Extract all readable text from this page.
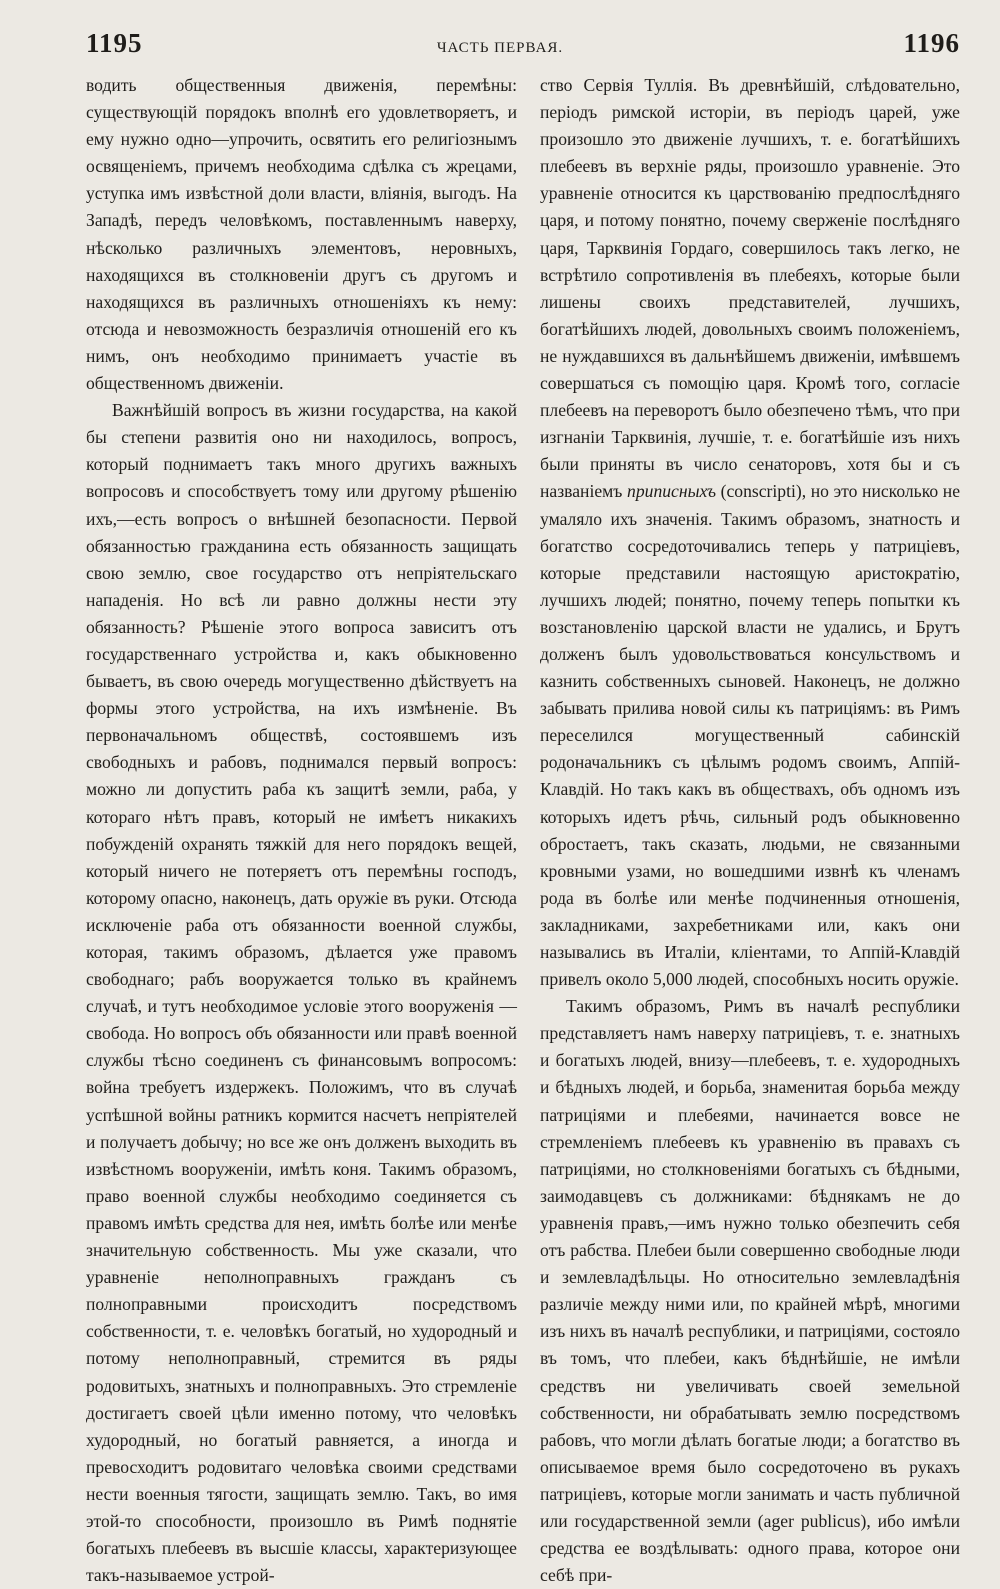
1195	ЧАСТЬ ПЕРВАЯ.	1196

водить общественныя движенія, перемѣны: существующій порядокъ вполнѣ его удовлетворяетъ, и ему нужно одно—упрочить, освятить его религіознымъ освященіемъ, причемъ необходима сдѣлка съ жрецами, уступка имъ извѣстной доли власти, вліянія, выгодъ. На Западѣ, передъ человѣкомъ, поставленнымъ наверху, нѣсколько различныхъ элементовъ, неровныхъ, находящихся въ столкновеніи другъ съ другомъ и находящихся въ различныхъ отношеніяхъ къ нему: отсюда и невозможность безразличія отношеній его къ нимъ, онъ необходимо принимаетъ участіе въ общественномъ движеніи.

Важнѣйшій вопросъ въ жизни государства, на какой бы степени развитія оно ни находилось, вопросъ, который поднимаетъ такъ много другихъ важныхъ вопросовъ и способствуетъ тому или другому рѣшенію ихъ,—есть вопросъ о внѣшней безопасности. Первой обязанностью гражданина есть обязанность защищать свою землю, свое государство отъ непріятельскаго нападенія. Но всѣ ли равно должны нести эту обязанность? Рѣшеніе этого вопроса зависитъ отъ государственнаго устройства и, какъ обыкновенно бываетъ, въ свою очередь могущественно дѣйствуетъ на формы этого устройства, на ихъ измѣненіе. Въ первоначальномъ обществѣ, состоявшемъ изъ свободныхъ и рабовъ, поднимался первый вопросъ: можно ли допустить раба къ защитѣ земли, раба, у котораго нѣтъ правъ, который не имѣетъ никакихъ побужденій охранять тяжкій для него порядокъ вещей, который ничего не потеряетъ отъ перемѣны господъ, которому опасно, наконецъ, дать оружіе въ руки. Отсюда исключеніе раба отъ обязанности военной службы, которая, такимъ образомъ, дѣлается уже правомъ свободнаго; рабъ вооружается только въ крайнемъ случаѣ, и тутъ необходимое условіе этого вооруженія — свобода. Но вопросъ объ обязанности или правѣ военной службы тѣсно соединенъ съ финансовымъ вопросомъ: война требуетъ издержекъ. Положимъ, что въ случаѣ успѣшной войны ратникъ кормится насчетъ непріятелей и получаетъ добычу; но все же онъ долженъ выходить въ извѣстномъ вооруженіи, имѣть коня. Такимъ образомъ, право военной службы необходимо соединяется съ правомъ имѣть средства для нея, имѣть болѣе или менѣе значительную собственность. Мы уже сказали, что уравненіе неполноправныхъ гражданъ съ полноправными происходитъ посредствомъ собственности, т. е. человѣкъ богатый, но худородный и потому неполноправный, стремится въ ряды родовитыхъ, знатныхъ и полноправныхъ. Это стремленіе достигаетъ своей цѣли именно потому, что человѣкъ худородный, но богатый равняется, а иногда и превосходитъ родовитаго человѣка своими средствами нести военныя тягости, защищать землю. Такъ, во имя этой-то способности, произошло въ Римѣ поднятіе богатыхъ плебеевъ въ высшіе классы, характеризующее такъ-называемое устрой-

ство Сервія Туллія. Въ древнѣйшій, слѣдовательно, періодъ римской исторіи, въ періодъ царей, уже произошло это движеніе лучшихъ, т. е. богатѣйшихъ плебеевъ въ верхніе ряды, произошло уравненіе. Это уравненіе относится къ царствованію предпослѣдняго царя, и потому понятно, почему сверженіе послѣдняго царя, Тарквинія Гордаго, совершилось такъ легко, не встрѣтило сопротивленія въ плебеяхъ, которые были лишены своихъ представителей, лучшихъ, богатѣйшихъ людей, довольныхъ своимъ положеніемъ, не нуждавшихся въ дальнѣйшемъ движеніи, имѣвшемъ совершаться съ помощію царя. Кромѣ того, согласіе плебеевъ на переворотъ было обезпечено тѣмъ, что при изгнаніи Тарквинія, лучшіе, т. е. богатѣйшіе изъ нихъ были приняты въ число сенаторовъ, хотя бы и съ названіемъ приписныхъ (conscripti), но это нисколько не умаляло ихъ значенія. Такимъ образомъ, знатность и богатство сосредоточивались теперь у патриціевъ, которые представили настоящую аристократію, лучшихъ людей; понятно, почему теперь попытки къ возстановленію царской власти не удались, и Брутъ долженъ былъ удовольствоваться консульствомъ и казнить собственныхъ сыновей. Наконецъ, не должно забывать прилива новой силы къ патриціямъ: въ Римъ переселился могущественный сабинскій родоначальникъ съ цѣлымъ родомъ своимъ, Аппій-Клавдій. Но такъ какъ въ обществахъ, объ одномъ изъ которыхъ идетъ рѣчь, сильный родъ обыкновенно обростаетъ, такъ сказать, людьми, не связанными кровными узами, но вошедшими извнѣ къ членамъ рода въ болѣе или менѣе подчиненныя отношенія, закладниками, захребетниками или, какъ они назывались въ Италіи, кліентами, то Аппій-Клавдій привелъ около 5,000 людей, способныхъ носить оружіе.

Такимъ образомъ, Римъ въ началѣ республики представляетъ намъ наверху патриціевъ, т. е. знатныхъ и богатыхъ людей, внизу—плебеевъ, т. е. худородныхъ и бѣдныхъ людей, и борьба, знаменитая борьба между патриціями и плебеями, начинается вовсе не стремленіемъ плебеевъ къ уравненію въ правахъ съ патриціями, но столкновеніями богатыхъ съ бѣдными, заимодавцевъ съ должниками: бѣднякамъ не до уравненія правъ,—имъ нужно только обезпечить себя отъ рабства. Плебеи были совершенно свободные люди и землевладѣльцы. Но относительно землевладѣнія различіе между ними или, по крайней мѣрѣ, многими изъ нихъ въ началѣ республики, и патриціями, состояло въ томъ, что плебеи, какъ бѣднѣйшіе, не имѣли средствъ ни увеличивать своей земельной собственности, ни обрабатывать землю посредствомъ рабовъ, что могли дѣлать богатые люди; а богатство въ описываемое время было сосредоточено въ рукахъ патриціевъ, которые могли занимать и часть публичной или государственной земли (ager publicus), ибо имѣли средства ее воздѣлывать: одного права, которое они себѣ при-
